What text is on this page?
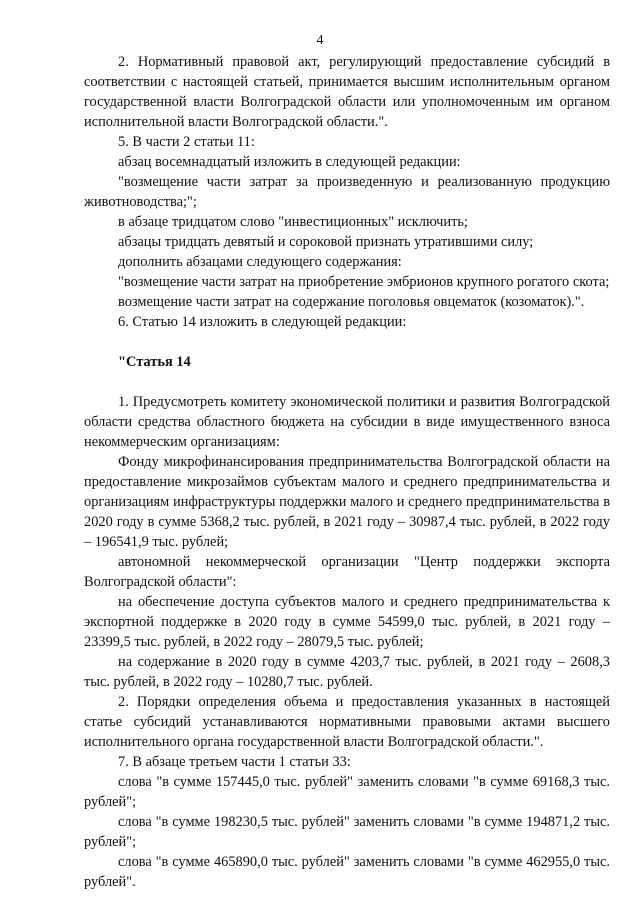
4

2. Нормативный правовой акт, регулирующий предоставление субсидий в соответствии с настоящей статьей, принимается высшим исполнительным органом государственной власти Волгоградской области или уполномоченным им органом исполнительной власти Волгоградской области.".

5. В части 2 статьи 11:

абзац восемнадцатый изложить в следующей редакции:

"возмещение части затрат за произведенную и реализованную продукцию животноводства;";

в абзаце тридцатом слово "инвестиционных" исключить;

абзацы тридцать девятый и сороковой признать утратившими силу;

дополнить абзацами следующего содержания:

"возмещение части затрат на приобретение эмбрионов крупного рогатого скота;

возмещение части затрат на содержание поголовья овцематок (козоматок).".

6. Статью 14 изложить в следующей редакции:

"Статья 14

1. Предусмотреть комитету экономической политики и развития Волгоградской области средства областного бюджета на субсидии в виде имущественного взноса некоммерческим организациям:

Фонду микрофинансирования предпринимательства Волгоградской области на предоставление микрозаймов субъектам малого и среднего предпринимательства и организациям инфраструктуры поддержки малого и среднего предпринимательства в 2020 году в сумме 5368,2 тыс. рублей, в 2021 году – 30987,4 тыс. рублей, в 2022 году – 196541,9 тыс. рублей;

автономной некоммерческой организации "Центр поддержки экспорта Волгоградской области":

на обеспечение доступа субъектов малого и среднего предпринимательства к экспортной поддержке в 2020 году в сумме 54599,0 тыс. рублей, в 2021 году – 23399,5 тыс. рублей, в 2022 году – 28079,5 тыс. рублей;

на содержание в 2020 году в сумме 4203,7 тыс. рублей, в 2021 году – 2608,3 тыс. рублей, в 2022 году – 10280,7 тыс. рублей.

2. Порядки определения объема и предоставления указанных в настоящей статье субсидий устанавливаются нормативными правовыми актами высшего исполнительного органа государственной власти Волгоградской области.".

7. В абзаце третьем части 1 статьи 33:

слова "в сумме 157445,0 тыс. рублей" заменить словами "в сумме 69168,3 тыс. рублей";

слова "в сумме 198230,5 тыс. рублей" заменить словами "в сумме 194871,2 тыс. рублей";

слова "в сумме 465890,0 тыс. рублей" заменить словами "в сумме 462955,0 тыс. рублей".
